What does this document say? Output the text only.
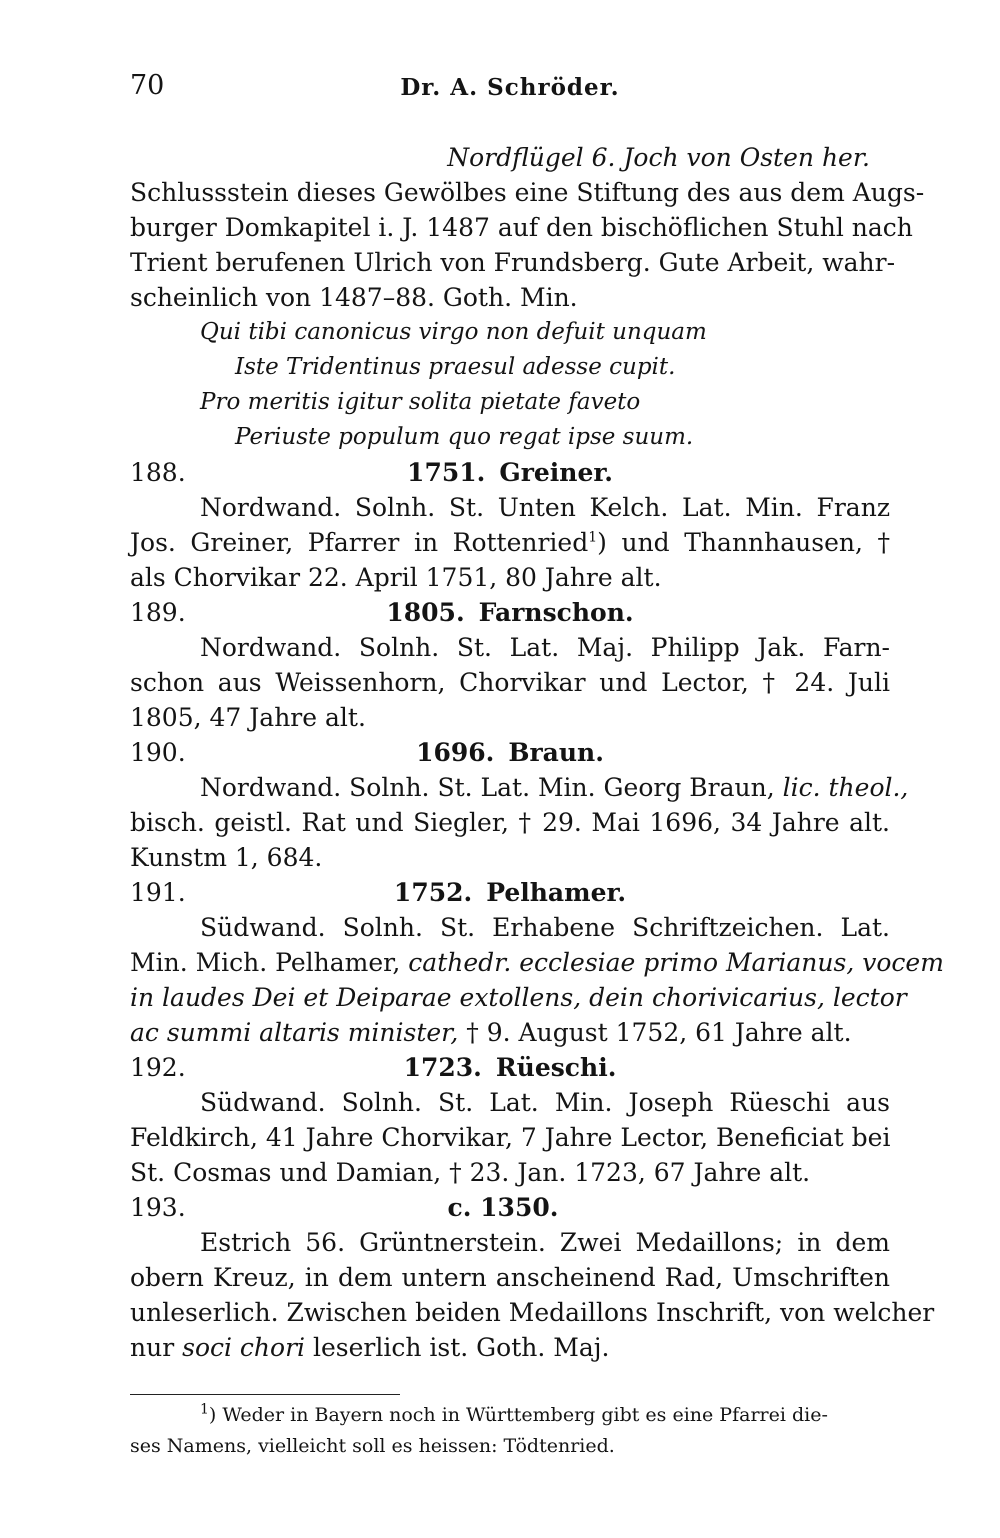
70	Dr. A. Schröder.
Nordflügel 6. Joch von Osten her.
Schlussstein dieses Gewölbes eine Stiftung des aus dem Augs-
burger Domkapitel i. J. 1487 auf den bischöflichen Stuhl nach
Trient berufenen Ulrich von Frundsberg. Gute Arbeit, wahr-
scheinlich von 1487–88. Goth. Min.
Qui tibi canonicus virgo non defuit unquam
Iste Tridentinus praesul adesse cupit.
Pro meritis igitur solita pietate faveto
Periuste populum quo regat ipse suum.
188.	1751. Greiner.
Nordwand. Solnh. St. Unten Kelch. Lat. Min. Franz
Jos. Greiner, Pfarrer in Rottenried$^1$) und Thannhausen, †
als Chorvikar 22. April 1751, 80 Jahre alt.
189.	1805. Farnschon.
Nordwand. Solnh. St. Lat. Maj. Philipp Jak. Farn-
schon aus Weissenhorn, Chorvikar und Lector, † 24. Juli
1805, 47 Jahre alt.
190.	1696. Braun.
Nordwand. Solnh. St. Lat. Min. Georg Braun, lic. theol.,
bisch. geistl. Rat und Siegler, † 29. Mai 1696, 34 Jahre alt.
Kunstm 1, 684.
191.	1752. Pelhamer.
Südwand. Solnh. St. Erhabene Schriftzeichen. Lat.
Min. Mich. Pelhamer, cathedr. ecclesiae primo Marianus, vocem
in laudes Dei et Deiparae extollens, dein chorivicarius, lector
ac summi altaris minister, † 9. August 1752, 61 Jahre alt.
192.	1723. Rüeschi.
Südwand. Solnh. St. Lat. Min. Joseph Rüeschi aus
Feldkirch, 41 Jahre Chorvikar, 7 Jahre Lector, Beneficiat bei
St. Cosmas und Damian, † 23. Jan. 1723, 67 Jahre alt.
193.	c. 1350.
Estrich 56. Grüntnerstein. Zwei Medaillons; in dem
obern Kreuz, in dem untern anscheinend Rad, Umschriften
unleserlich. Zwischen beiden Medaillons Inschrift, von welcher
nur soci chori leserlich ist. Goth. Maj.
$^1$) Weder in Bayern noch in Württemberg gibt es eine Pfarrei die-
ses Namens, vielleicht soll es heissen: Tödtenried.
